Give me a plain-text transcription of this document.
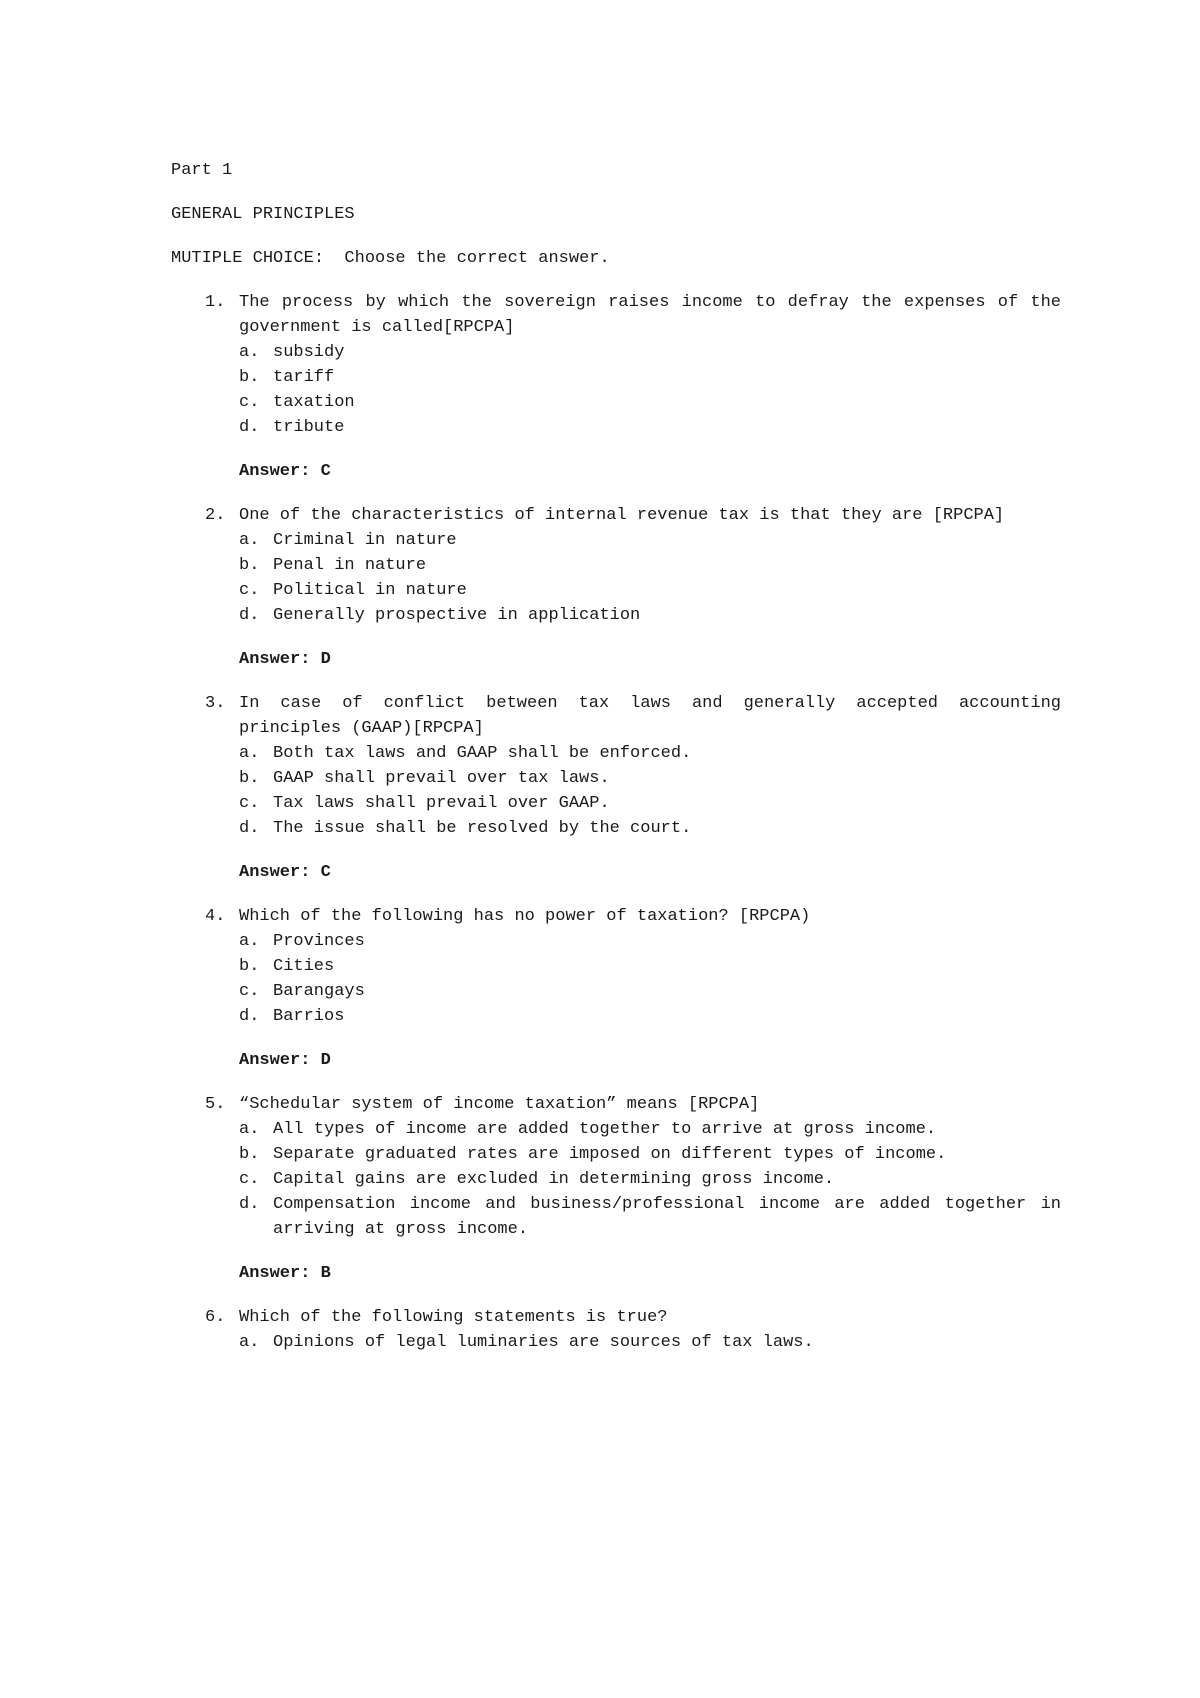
Part 1
GENERAL PRINCIPLES
MUTIPLE CHOICE:  Choose the correct answer.
1. The process by which the sovereign raises income to defray the expenses of the government is called[RPCPA]
a. subsidy
b. tariff
c. taxation
d. tribute
Answer: C
2. One of the characteristics of internal revenue tax is that they are [RPCPA]
a. Criminal in nature
b. Penal in nature
c. Political in nature
d. Generally prospective in application
Answer: D
3. In case of conflict between tax laws and generally accepted accounting principles (GAAP)[RPCPA]
a. Both tax laws and GAAP shall be enforced.
b. GAAP shall prevail over tax laws.
c. Tax laws shall prevail over GAAP.
d. The issue shall be resolved by the court.
Answer: C
4. Which of the following has no power of taxation? [RPCPA)
a. Provinces
b. Cities
c. Barangays
d. Barrios
Answer: D
5. “Schedular system of income taxation” means [RPCPA]
a. All types of income are added together to arrive at gross income.
b. Separate graduated rates are imposed on different types of income.
c. Capital gains are excluded in determining gross income.
d. Compensation income and business/professional income are added together in arriving at gross income.
Answer: B
6. Which of the following statements is true?
a. Opinions of legal luminaries are sources of tax laws.
